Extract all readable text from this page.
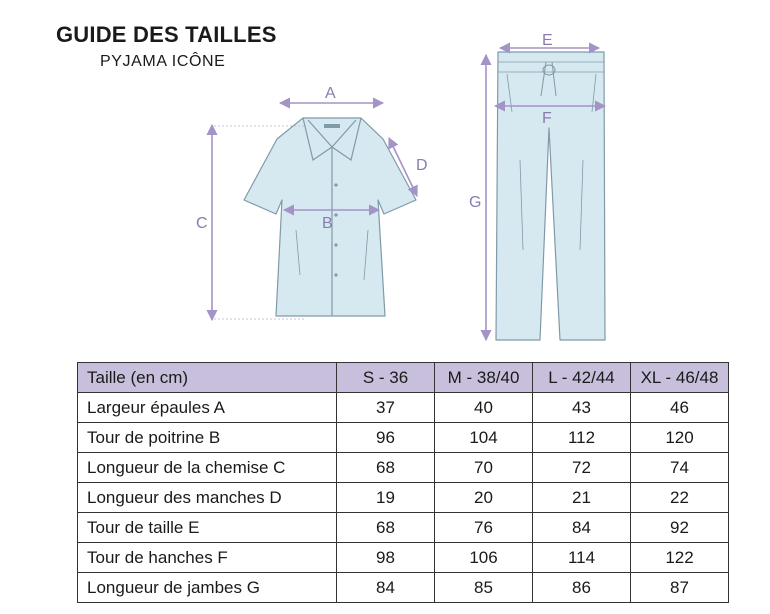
GUIDE DES TAILLES
PYJAMA ICÔNE
A
B
C
D
E
F
G
Taille (en cm)	S - 36	M - 38/40	L - 42/44	XL - 46/48
Largeur épaules A	37	40	43	46
Tour de poitrine B	96	104	112	120
Longueur de la chemise C	68	70	72	74
Longueur des manches D	19	20	21	22
Tour de taille E	68	76	84	92
Tour de hanches F	98	106	114	122
Longueur de jambes G	84	85	86	87
